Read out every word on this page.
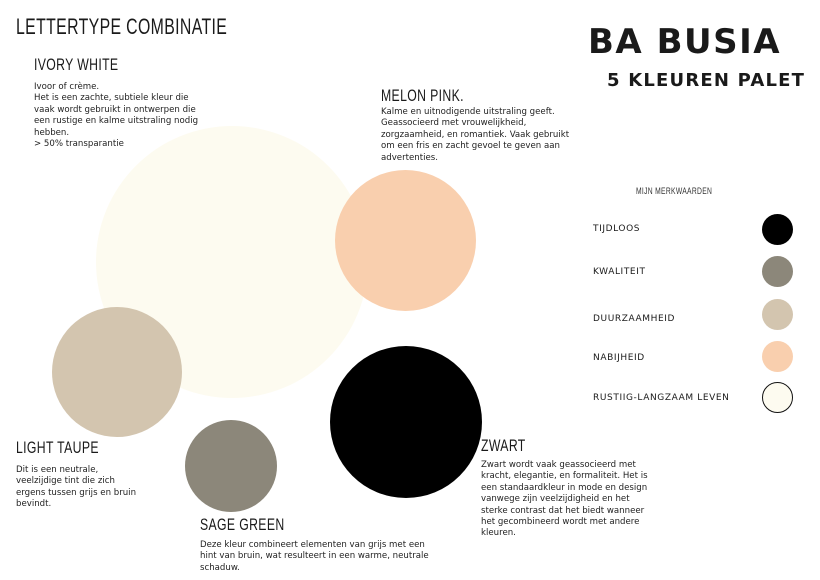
LETTERTYPE COMBINATIE	BA BUSIA
5 KLEUREN PALET
IVORY WHITE
Ivoor of crème.
Het is een zachte, subtiele kleur die vaak wordt gebruikt in ontwerpen die een rustige en kalme uitstraling nodig hebben.
> 50% transparantie
MELON PINK.
Kalme en uitnodigende uitstraling geeft. Geassocieerd met vrouwelijkheid, zorgzaamheid, en romantiek. Vaak gebruikt om een fris en zacht gevoel te geven aan advertenties.
LIGHT TAUPE
Dit is een neutrale, veelzijdige tint die zich ergens tussen grijs en bruin bevindt.
SAGE GREEN
Deze kleur combineert elementen van grijs met een hint van bruin, wat resulteert in een warme, neutrale schaduw.
ZWART
Zwart wordt vaak geassocieerd met kracht, elegantie, en formaliteit. Het is een standaardkleur in mode en design vanwege zijn veelzijdigheid en het sterke contrast dat het biedt wanneer het gecombineerd wordt met andere kleuren.
MIJN MERKWAARDEN
TIJDLOOS
KWALITEIT
DUURZAAMHEID
NABIJHEID
RUSTIIG-LANGZAAM LEVEN
